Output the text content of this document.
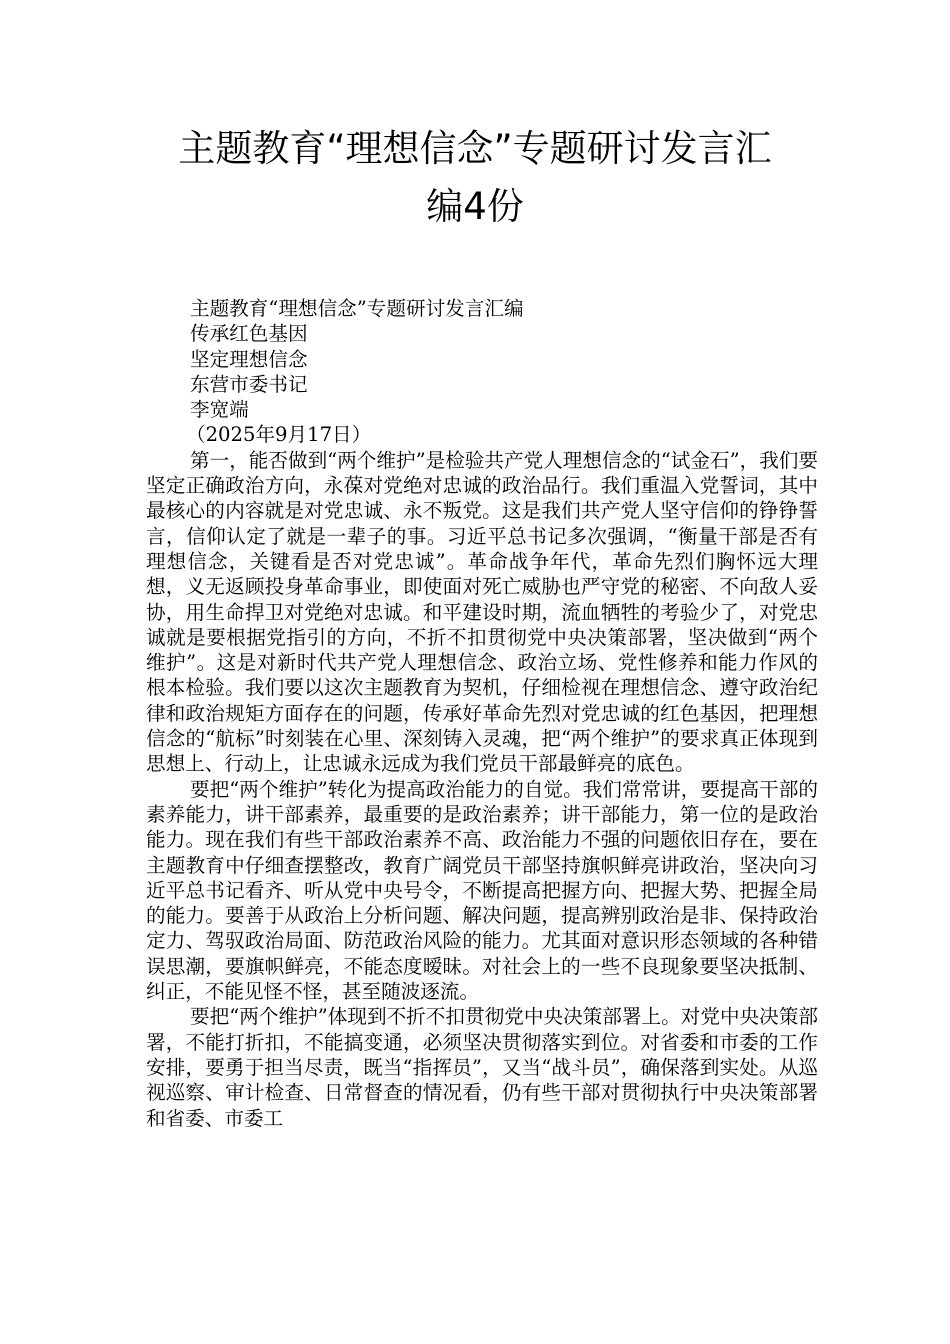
主题教育“理想信念”专题研讨发言汇
编4份

主题教育“理想信念”专题研讨发言汇编

传承红色基因

坚定理想信念

东营市委书记

李宽端

（2025年9月17日）

第一，能否做到“两个维护”是检验共产党人理想信念的“试金石”，我们要坚定正确政治方向，永葆对党绝对忠诚的政治品行。我们重温入党誓词，其中最核心的内容就是对党忠诚、永不叛党。这是我们共产党人坚守信仰的铮铮誓言，信仰认定了就是一辈子的事。习近平总书记多次强调，“衡量干部是否有理想信念，关键看是否对党忠诚”。革命战争年代，革命先烈们胸怀远大理想，义无返顾投身革命事业，即使面对死亡威胁也严守党的秘密、不向敌人妥协，用生命捍卫对党绝对忠诚。和平建设时期，流血牺牲的考验少了，对党忠诚就是要根据党指引的方向，不折不扣贯彻党中央决策部署，坚决做到“两个维护”。这是对新时代共产党人理想信念、政治立场、党性修养和能力作风的根本检验。我们要以这次主题教育为契机，仔细检视在理想信念、遵守政治纪律和政治规矩方面存在的问题，传承好革命先烈对党忠诚的红色基因，把理想信念的“航标”时刻装在心里、深刻铸入灵魂，把“两个维护”的要求真正体现到思想上、行动上，让忠诚永远成为我们党员干部最鲜亮的底色。

要把“两个维护”转化为提高政治能力的自觉。我们常常讲，要提高干部的素养能力，讲干部素养，最重要的是政治素养；讲干部能力，第一位的是政治能力。现在我们有些干部政治素养不高、政治能力不强的问题依旧存在，要在主题教育中仔细查摆整改，教育广阔党员干部坚持旗帜鲜亮讲政治，坚决向习近平总书记看齐、听从党中央号令，不断提高把握方向、把握大势、把握全局的能力。要善于从政治上分析问题、解决问题，提高辨别政治是非、保持政治定力、驾驭政治局面、防范政治风险的能力。尤其面对意识形态领域的各种错误思潮，要旗帜鲜亮，不能态度暧昧。对社会上的一些不良现象要坚决抵制、纠正，不能见怪不怪，甚至随波逐流。

要把“两个维护”体现到不折不扣贯彻党中央决策部署上。对党中央决策部署，不能打折扣，不能搞变通，必须坚决贯彻落实到位。对省委和市委的工作安排，要勇于担当尽责，既当“指挥员”，又当“战斗员”，确保落到实处。从巡视巡察、审计检查、日常督查的情况看，仍有些干部对贯彻执行中央决策部署和省委、市委工
